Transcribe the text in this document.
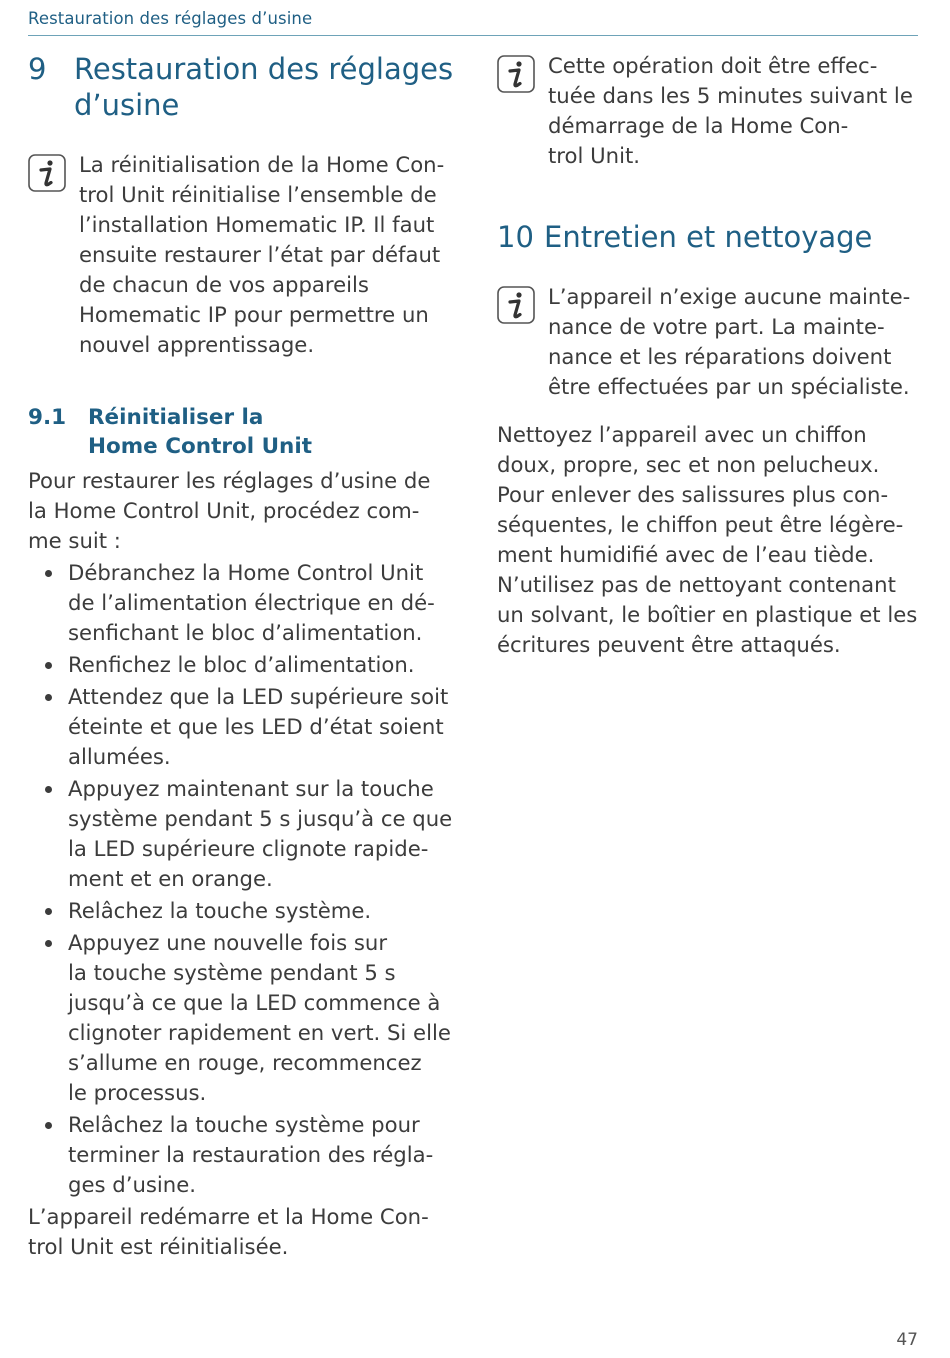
Restauration des réglages d’usine
9 Restauration des réglages
d’usine
La réinitialisation de la Home Con-
trol Unit réinitialise l’ensemble de
l’installation Homematic IP. Il faut
ensuite restaurer l’état par défaut
de chacun de vos appareils
Homematic IP pour permettre un
nouvel apprentissage.
9.1 Réinitialiser la
Home Control Unit
Pour restaurer les réglages d’usine de
la Home Control Unit, procédez com-
me suit :
Débranchez la Home Control Unit
de l’alimentation électrique en dé-
senfichant le bloc d’alimentation.
Renfichez le bloc d’alimentation.
Attendez que la LED supérieure soit
éteinte et que les LED d’état soient
allumées.
Appuyez maintenant sur la touche
système pendant 5 s jusqu’à ce que
la LED supérieure clignote rapide-
ment et en orange.
Relâchez la touche système.
Appuyez une nouvelle fois sur
la touche système pendant 5 s
jusqu’à ce que la LED commence à
clignoter rapidement en vert. Si elle
s’allume en rouge, recommencez
le processus.
Relâchez la touche système pour
terminer la restauration des régla-
ges d’usine.
L’appareil redémarre et la Home Con-
trol Unit est réinitialisée.
Cette opération doit être effec-
tuée dans les 5 minutes suivant le
démarrage de la Home Con-
trol Unit.
10 Entretien et nettoyage
L’appareil n’exige aucune mainte-
nance de votre part. La mainte-
nance et les réparations doivent
être effectuées par un spécialiste.
Nettoyez l’appareil avec un chiffon
doux, propre, sec et non pelucheux.
Pour enlever des salissures plus con-
séquentes, le chiffon peut être légère-
ment humidifié avec de l’eau tiède.
N’utilisez pas de nettoyant contenant
un solvant, le boîtier en plastique et les
écritures peuvent être attaqués.
47
